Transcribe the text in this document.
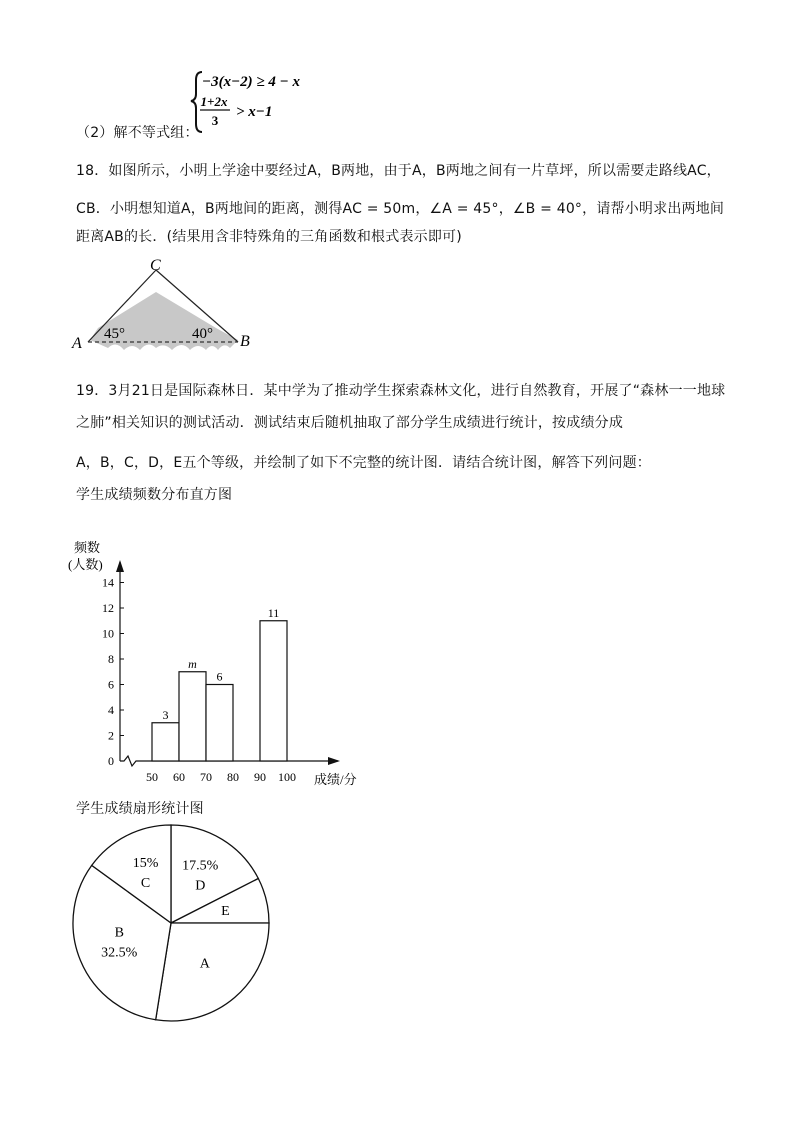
（2）解不等式组：
−3(x−2) ≥ 4 − x
1+2x
3
> x−1
18．如图所示，小明上学途中要经过A，B两地，由于A，B两地之间有一片草坪，所以需要走路线AC，
CB．小明想知道A，B两地间的距离，测得AC = 50m，∠A = 45°，∠B = 40°，请帮小明求出两地间
距离AB的长．(结果用含非特殊角的三角函数和根式表示即可)
C
A	B
45°	40°
19．3月21日是国际森林日．某中学为了推动学生探索森林文化，进行自然教育，开展了“森林一一地球
之肺”相关知识的测试活动．测试结束后随机抽取了部分学生成绩进行统计，按成绩分成
A，B，C，D，E五个等级，并绘制了如下不完整的统计图．请结合统计图，解答下列问题：
学生成绩频数分布直方图
频数
(人数)
成绩/分
0
2
4
6
8
10
12
14
50 60 70 80 90 100
3
m
6
11
学生成绩扇形统计图
17.5%
D
E
A
32.5%
B
15%
C
